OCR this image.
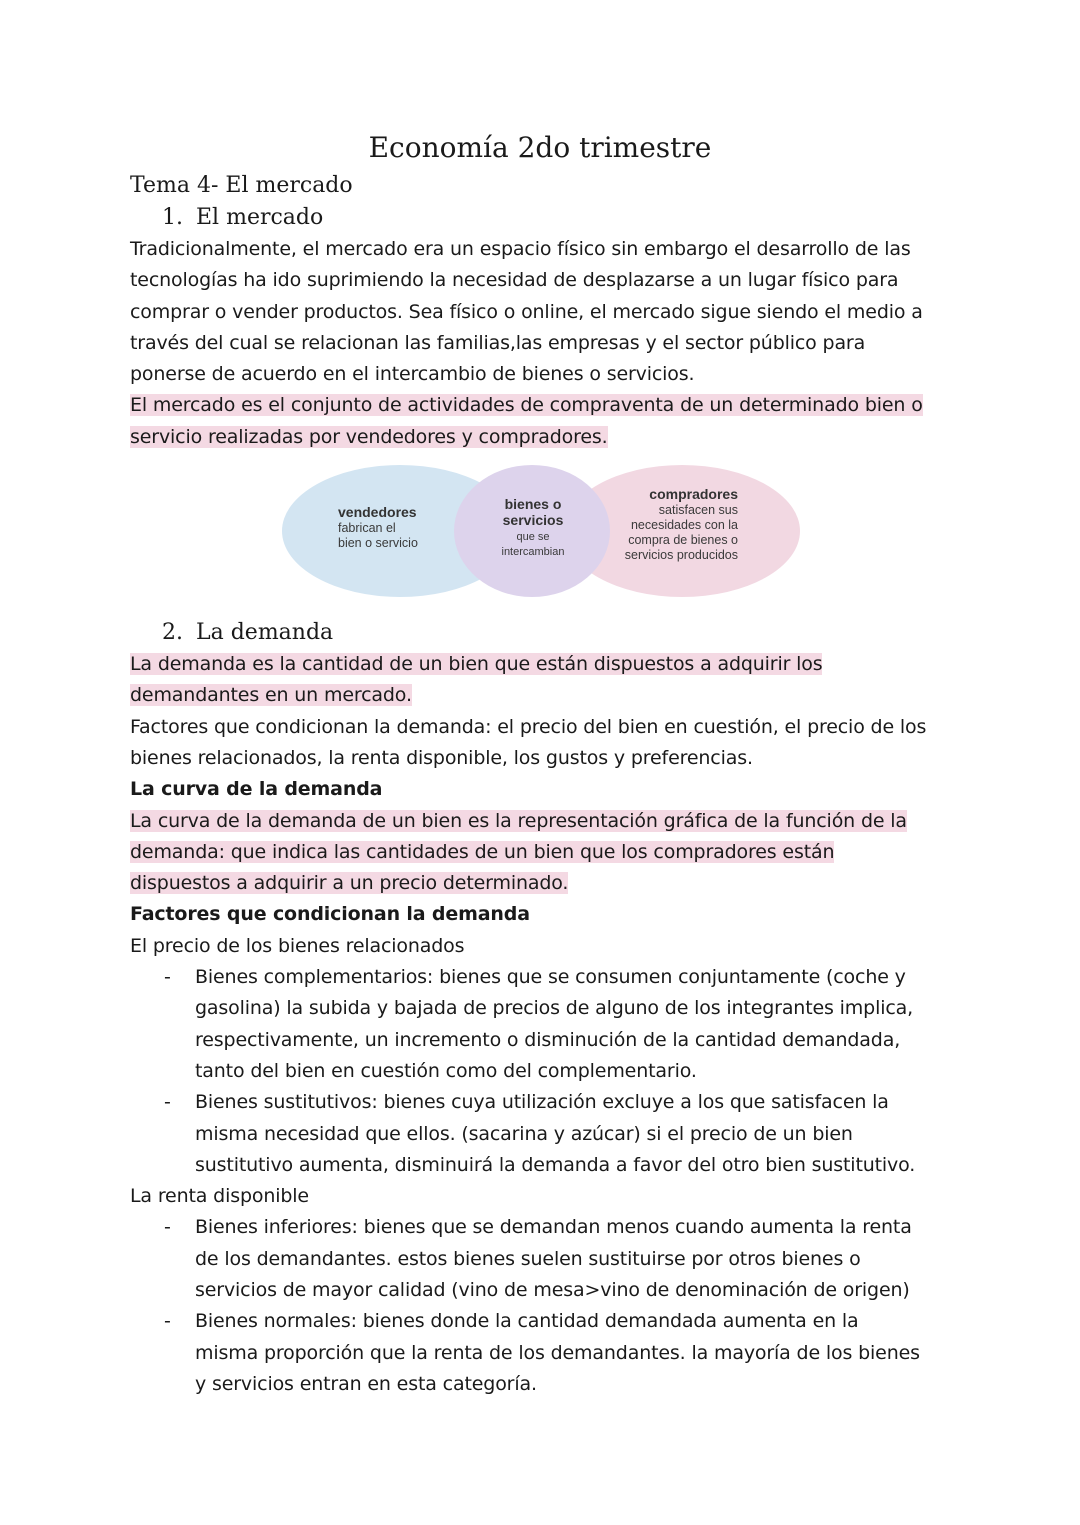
Economía 2do trimestre
Tema 4- El mercado
1. El mercado

Tradicionalmente, el mercado era un espacio físico sin embargo el desarrollo de las
tecnologías ha ido suprimiendo la necesidad de desplazarse a un lugar físico para
comprar o vender productos. Sea físico o online, el mercado sigue siendo el medio a
través del cual se relacionan las familias,las empresas y el sector público para
ponerse de acuerdo en el intercambio de bienes o servicios.

El mercado es el conjunto de actividades de compraventa de un determinado bien o
servicio realizadas por vendedores y compradores.

vendedores
fabrican el
bien o servicio
bienes o
servicios
que se
intercambian
compradores
satisfacen sus
necesidades con la
compra de bienes o
servicios producidos
2. La demanda

La demanda es la cantidad de un bien que están dispuestos a adquirir los
demandantes en un mercado.

Factores que condicionan la demanda: el precio del bien en cuestión, el precio de los
bienes relacionados, la renta disponible, los gustos y preferencias.

La curva de la demanda

La curva de la demanda de un bien es la representación gráfica de la función de la
demanda: que indica las cantidades de un bien que los compradores están
dispuestos a adquirir a un precio determinado.

Factores que condicionan la demanda

El precio de los bienes relacionados

- Bienes complementarios: bienes que se consumen conjuntamente (coche y
gasolina) la subida y bajada de precios de alguno de los integrantes implica,
respectivamente, un incremento o disminución de la cantidad demandada,
tanto del bien en cuestión como del complementario.
- Bienes sustitutivos: bienes cuya utilización excluye a los que satisfacen la
misma necesidad que ellos. (sacarina y azúcar) si el precio de un bien
sustitutivo aumenta, disminuirá la demanda a favor del otro bien sustitutivo.

La renta disponible

- Bienes inferiores: bienes que se demandan menos cuando aumenta la renta
de los demandantes. estos bienes suelen sustituirse por otros bienes o
servicios de mayor calidad (vino de mesa>vino de denominación de origen)
- Bienes normales: bienes donde la cantidad demandada aumenta en la
misma proporción que la renta de los demandantes. la mayoría de los bienes
y servicios entran en esta categoría.
